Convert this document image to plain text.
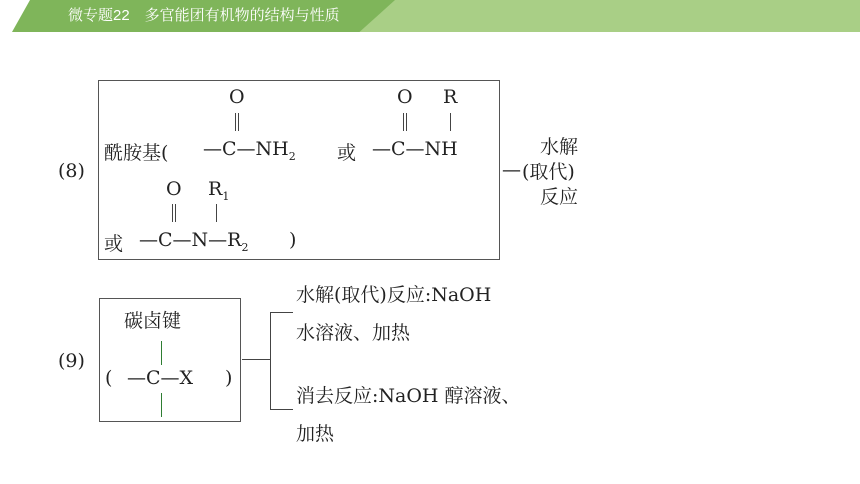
微专题22　多官能团有机物的结构与性质
(8)
酰胺基(
O
$—C—NH_2$ 或
O R
—C—NH
O $R_1$
或 $—C—N—R_2$ )
—
水解
(取代)
反应
(9)
碳卤键
( —C—X )
水解(取代)反应:NaOH
水溶液、加热
消去反应:NaOH 醇溶液、
加热
